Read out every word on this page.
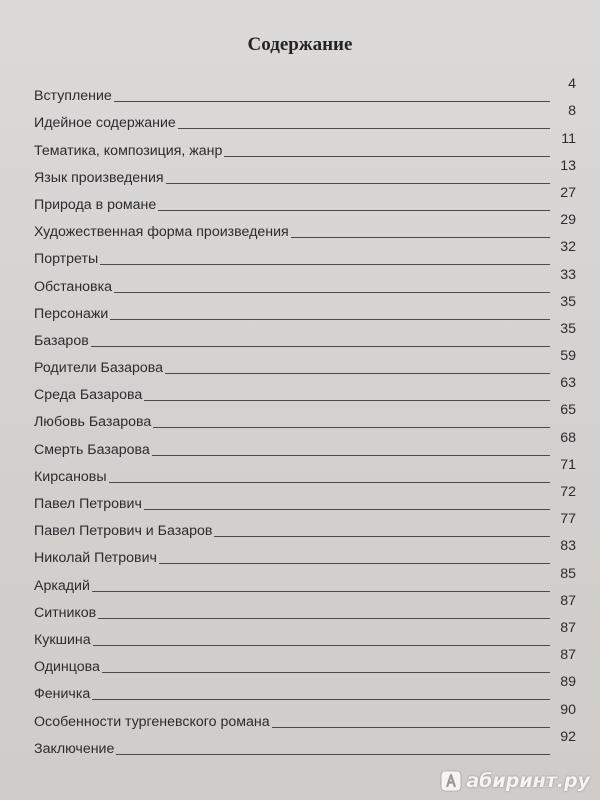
Содержание
Вступление
4
Идейное содержание
8
Тематика, композиция, жанр
11
Язык произведения
13
Природа в романе
27
Художественная форма произведения
29
Портреты
32
Обстановка
33
Персонажи
35
Базаров
35
Родители Базарова
59
Среда Базарова
63
Любовь Базарова
65
Смерть Базарова
68
Кирсановы
71
Павел Петрович
72
Павел Петрович и Базаров
77
Николай Петрович
83
Аркадий
85
Ситников
87
Кукшина
87
Одинцова
87
Феничка
89
Особенности тургеневского романа
90
Заключение
92
абиринт.ру
